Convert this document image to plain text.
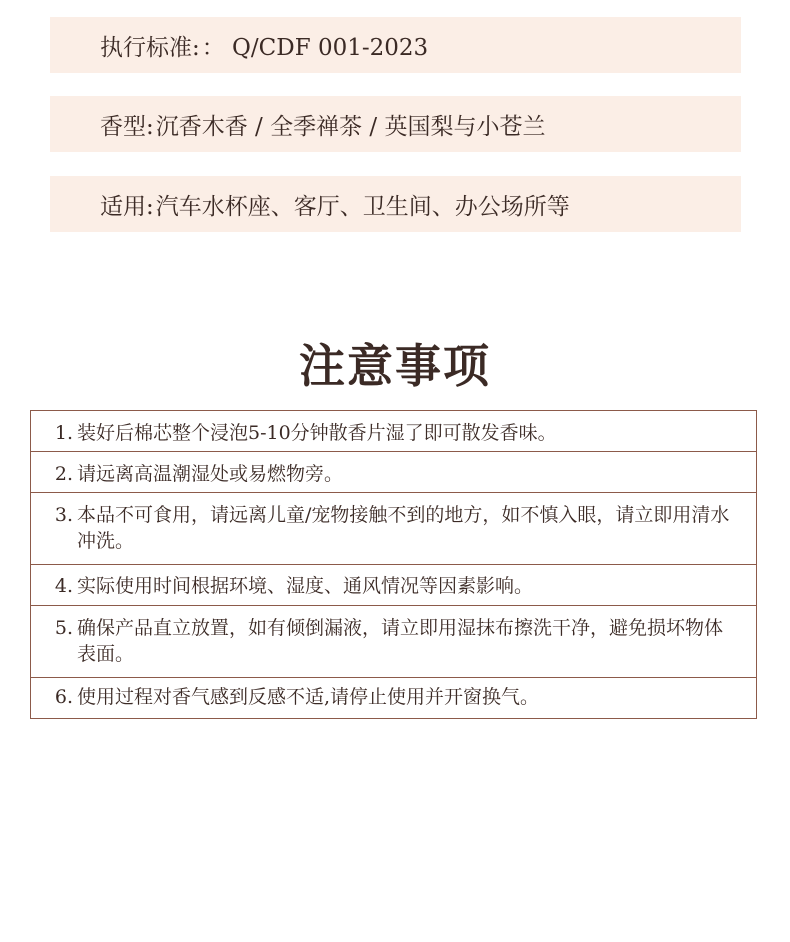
执行标准: ： Q/CDF 001-2023
香型: 沉香木香 / 全季禅茶 / 英国梨与小苍兰
适用: 汽车水杯座、客厅、卫生间、办公场所等
注意事项
1. 装好后棉芯整个浸泡5-10分钟散香片湿了即可散发香味。
2. 请远离高温潮湿处或易燃物旁。
3. 本品不可食用，请远离儿童/宠物接触不到的地方，如不慎入眼，请立即用清水冲洗。
4. 实际使用时间根据环境、湿度、通风情况等因素影响。
5. 确保产品直立放置，如有倾倒漏液，请立即用湿抹布擦洗干净，避免损坏物体表面。
6. 使用过程对香气感到反感不适,请停止使用并开窗换气。
